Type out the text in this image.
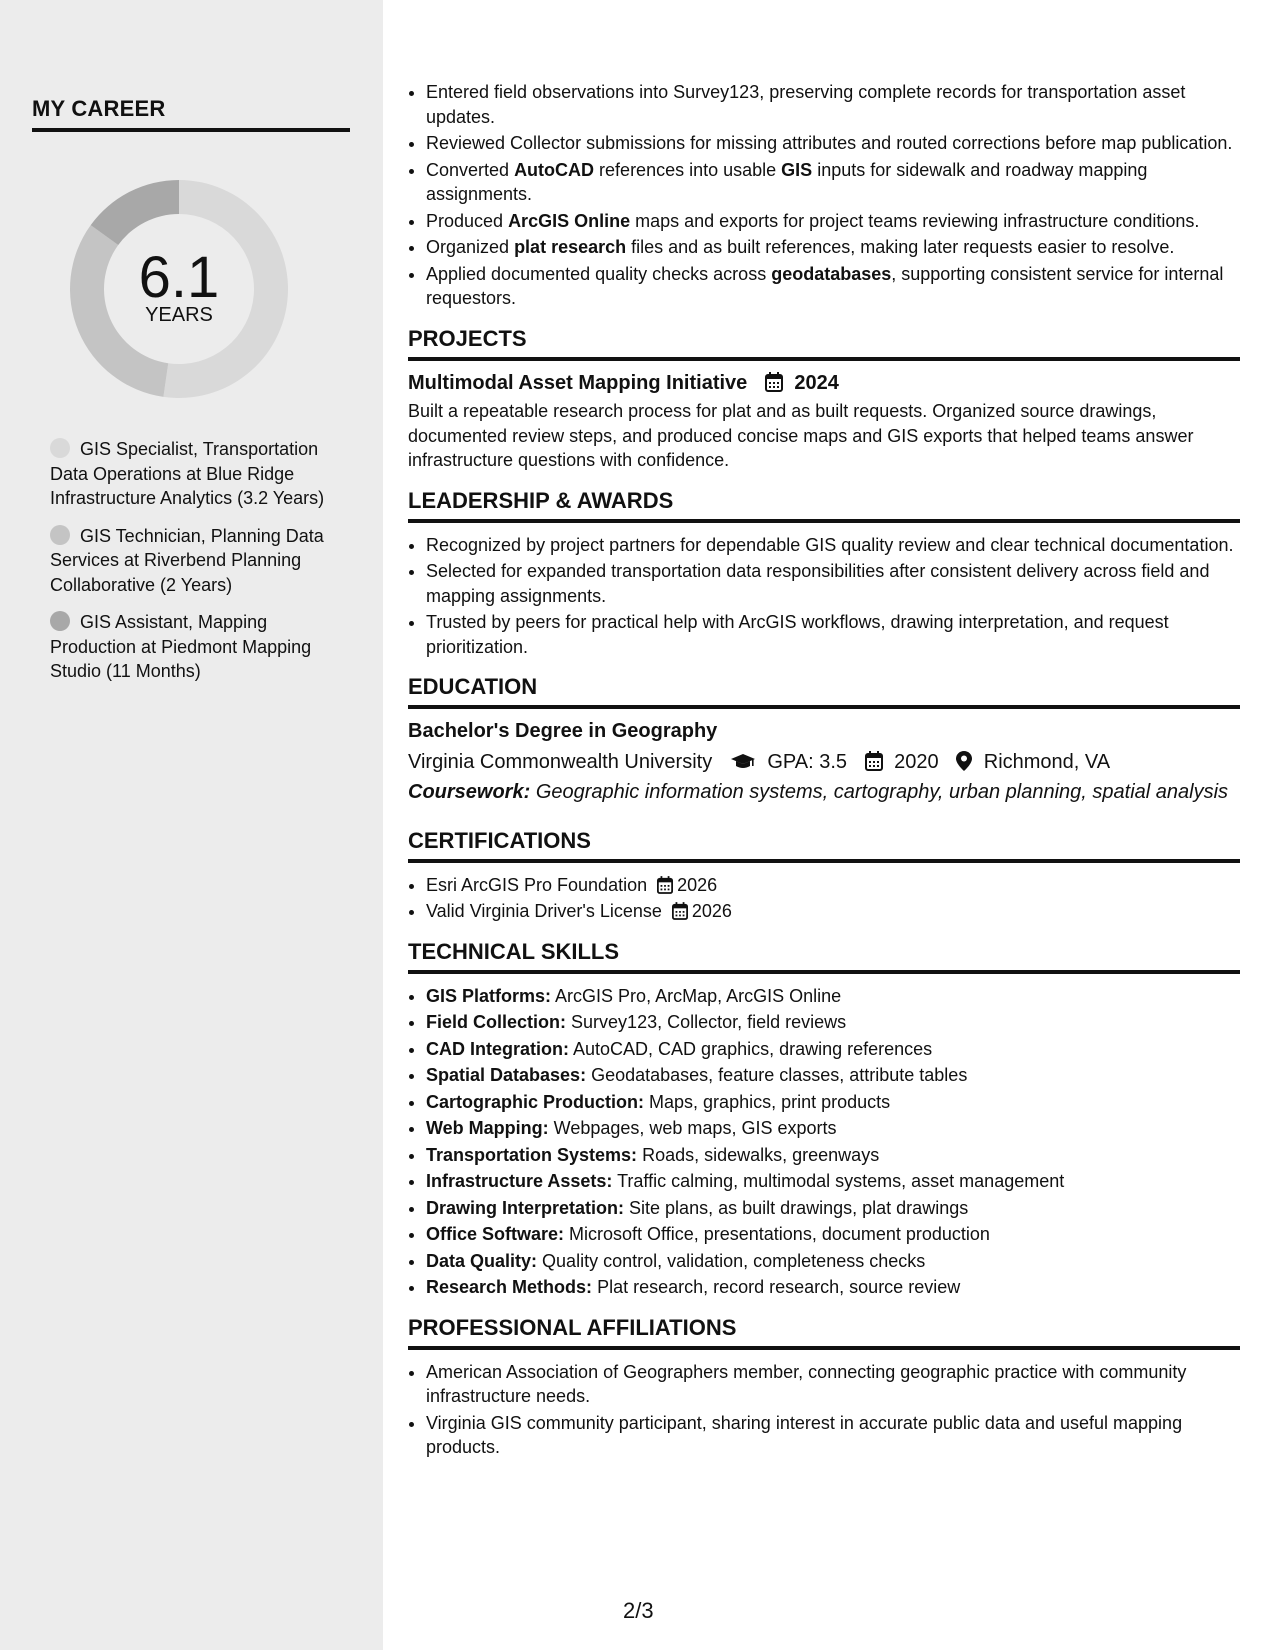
MY CAREER
6.1
YEARS
GIS Specialist, Transportation Data Operations at Blue Ridge Infrastructure Analytics (3.2 Years)
GIS Technician, Planning Data Services at Riverbend Planning Collaborative (2 Years)
GIS Assistant, Mapping Production at Piedmont Mapping Studio (11 Months)
• Entered field observations into Survey123, preserving complete records for transportation asset updates.
• Reviewed Collector submissions for missing attributes and routed corrections before map publication.
• Converted AutoCAD references into usable GIS inputs for sidewalk and roadway mapping assignments.
• Produced ArcGIS Online maps and exports for project teams reviewing infrastructure conditions.
• Organized plat research files and as built references, making later requests easier to resolve.
• Applied documented quality checks across geodatabases, supporting consistent service for internal requestors.
PROJECTS
Multimodal Asset Mapping Initiative 2024
Built a repeatable research process for plat and as built requests. Organized source drawings, documented review steps, and produced concise maps and GIS exports that helped teams answer infrastructure questions with confidence.
LEADERSHIP & AWARDS
• Recognized by project partners for dependable GIS quality review and clear technical documentation.
• Selected for expanded transportation data responsibilities after consistent delivery across field and mapping assignments.
• Trusted by peers for practical help with ArcGIS workflows, drawing interpretation, and request prioritization.
EDUCATION
Bachelor's Degree in Geography
Virginia Commonwealth University	GPA: 3.5 2020 Richmond, VA
Coursework: Geographic information systems, cartography, urban planning, spatial analysis
CERTIFICATIONS
• Esri ArcGIS Pro Foundation 2026
• Valid Virginia Driver's License 2026
TECHNICAL SKILLS
• GIS Platforms: ArcGIS Pro, ArcMap, ArcGIS Online
• Field Collection: Survey123, Collector, field reviews
• CAD Integration: AutoCAD, CAD graphics, drawing references
• Spatial Databases: Geodatabases, feature classes, attribute tables
• Cartographic Production: Maps, graphics, print products
• Web Mapping: Webpages, web maps, GIS exports
• Transportation Systems: Roads, sidewalks, greenways
• Infrastructure Assets: Traffic calming, multimodal systems, asset management
• Drawing Interpretation: Site plans, as built drawings, plat drawings
• Office Software: Microsoft Office, presentations, document production
• Data Quality: Quality control, validation, completeness checks
• Research Methods: Plat research, record research, source review
PROFESSIONAL AFFILIATIONS
• American Association of Geographers member, connecting geographic practice with community infrastructure needs.
• Virginia GIS community participant, sharing interest in accurate public data and useful mapping products.
2/3
